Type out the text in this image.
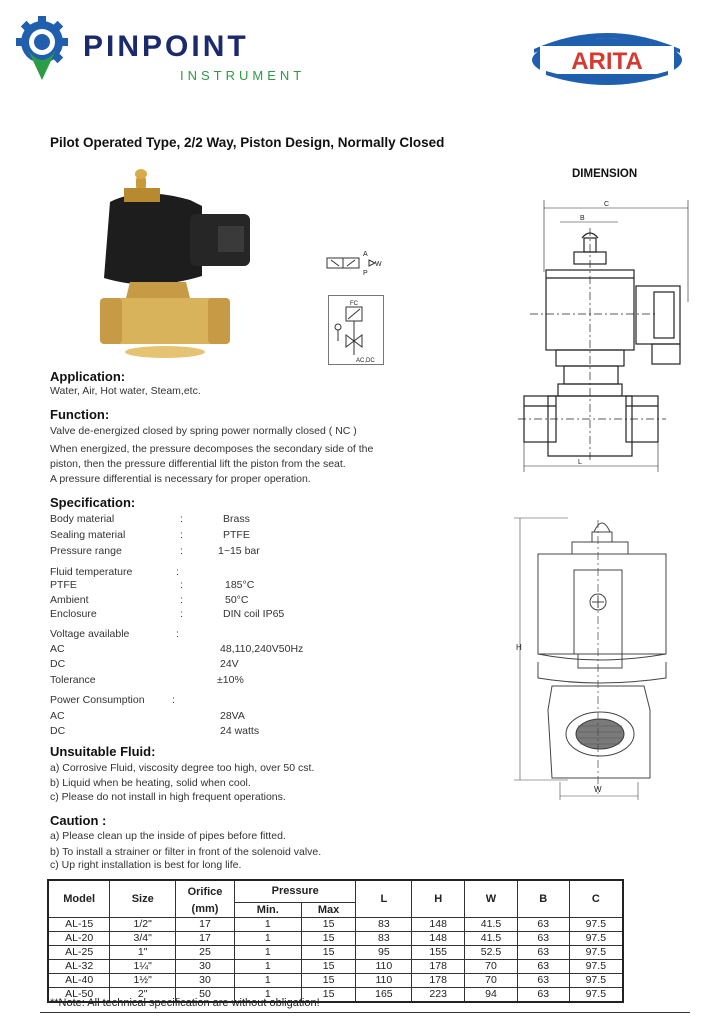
PINPOINT
INSTRUMENT
ARITA
Pilot Operated Type, 2/2 Way, Piston Design, Normally Closed
A
P
W
FC
AC,DC
Application:

Water, Air, Hot water, Steam,etc.

Function:

Valve de-energized closed by spring power normally closed ( NC )

When energized, the pressure decomposes the secondary side of the

piston, then the pressure differential lift the piston from the seat.

A pressure differential is necessary for proper operation.

Specification:
Body material	:	Brass
Sealing material	:	PTFE
Pressure range	:	1~15 bar
Fluid temperature	:
PTFE	:	185°C
Ambient	:	50°C
Enclosure	:	DIN coil IP65
Voltage available	:
AC	48,110,240V50Hz
DC	24V
Tolerance	±10%
Power Consumption	:
AC	28VA
DC	24 watts
Unsuitable Fluid:

a) Corrosive Fluid, viscosity degree too high, over 50 cst.

b) Liquid when be heating, solid when cool.

c) Please do not install in high frequent operations.

Caution :

a) Please clean up the inside of pipes before fitted.

b) To install a strainer or filter in front of the solenoid valve.

c) Up right installation is best for long life.

DIMENSION
C
B
L
H
W
Model	Size	Orifice	Pressure		L	H	W	B	C
		(mm)	Min.	Max					
AL-15	1/2"	17	1	15	83	148	41.5	63	97.5
AL-20	3/4"	17	1	15	83	148	41.5	63	97.5
AL-25	1"	25	1	15	95	155	52.5	63	97.5
AL-32	1¼"	30	1	15	110	178	70	63	97.5
AL-40	1½"	30	1	15	110	178	70	63	97.5
AL-50	2"	50	1	15	165	223	94	63	97.5
**Note: All technical specification are without obligation!
